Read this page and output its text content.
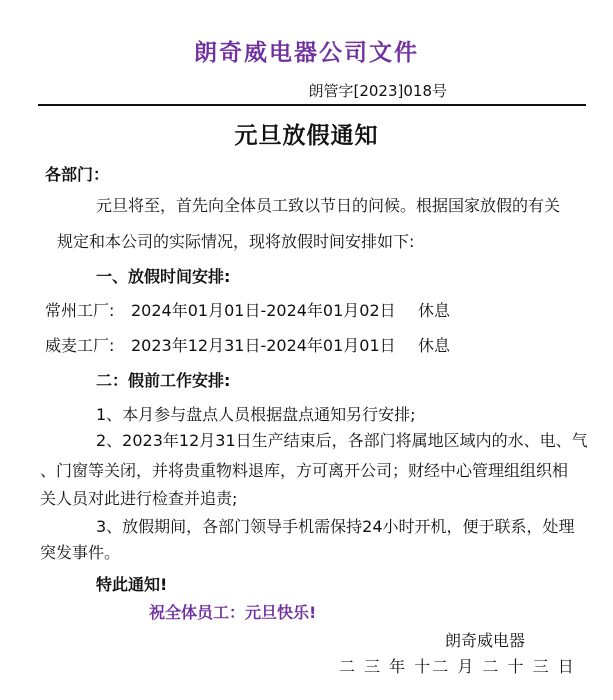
朗奇威电器公司文件
朗管字[2023]018号
元旦放假通知
各部门：
元旦将至，首先向全体员工致以节日的问候。根据国家放假的有关
规定和本公司的实际情况，现将放假时间安排如下:
一、放假时间安排:
常州工厂: 2024年01月01日-2024年01月02日 休息
威麦工厂: 2023年12月31日-2024年01月01日 休息
二：假前工作安排:
1、本月参与盘点人员根据盘点通知另行安排;
2、2023年12月31日生产结束后，各部门将属地区域内的水、电、气
、门窗等关闭，并将贵重物料退库，方可离开公司；财经中心管理组组织相
关人员对此进行检查并追责;
3、放假期间，各部门领导手机需保持24小时开机，便于联系，处理
突发事件。
特此通知!
祝全体员工：元旦快乐!
朗奇威电器
二 三 年 十二 月 二 十 三 日
